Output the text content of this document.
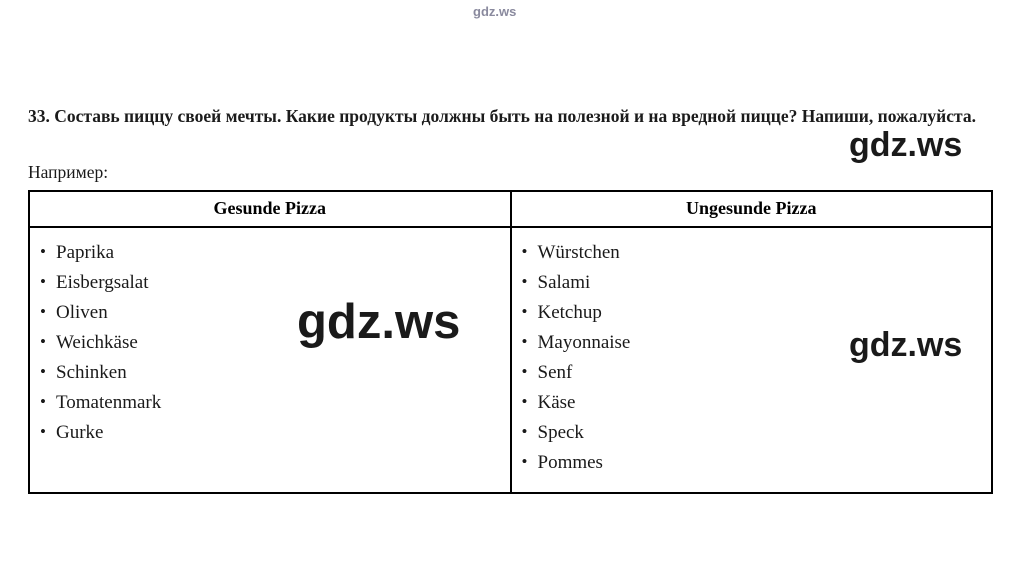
gdz.ws
gdz.ws
gdz.ws	gdz.ws
33. Составь пиццу своей мечты. Какие продукты должны быть на полезной и на вредной пицце? Напиши, пожалуйста.
Например:
Gesunde Pizza	Ungesunde Pizza

• Paprika
• Eisbergsalat
• Oliven
• Weichkäse
• Schinken
• Tomatenmark
• Gurke

• Würstchen
• Salami
• Ketchup
• Mayonnaise
• Senf
• Käse
• Speck
• Pommes
